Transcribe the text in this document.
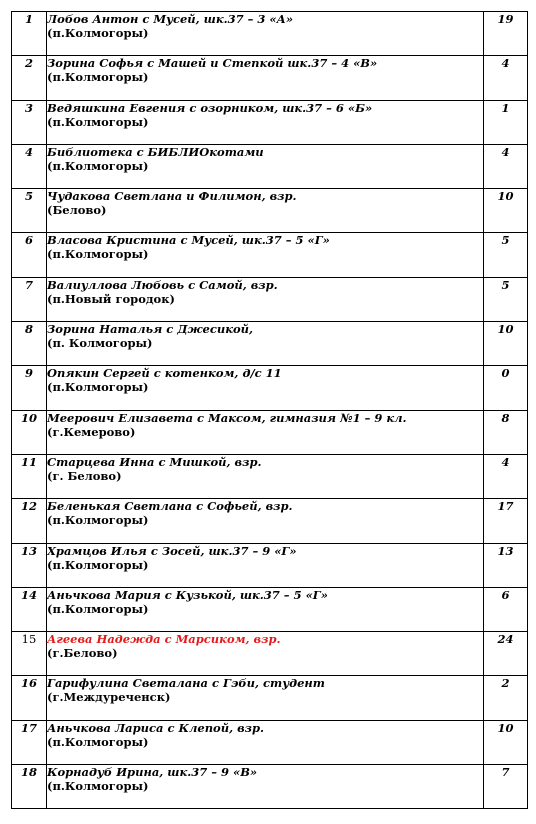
1	Лобов Антон с Мусей, шк.37 – 3 «А»
(п.Колмогоры)	19
2	Зорина Софья с Машей и Степкой шк.37 – 4 «В»
(п.Колмогоры)	4
3	Ведяшкина Евгения с озорником, шк.37 – 6 «Б»
(п.Колмогоры)	1
4	Библиотека с БИБЛИОкотами
(п.Колмогоры)	4
5	Чудакова Светлана и Филимон, взр.
(Белово)	10
6	Власова Кристина с Мусей, шк.37 – 5 «Г»
(п.Колмогоры)	5
7	Валиуллова Любовь с Самой, взр.
(п.Новый городок)	5
8	Зорина Наталья с Джесикой,
(п. Колмогоры)	10
9	Опякин Сергей с котенком, д/с 11
(п.Колмогоры)	0
10	Меерович Елизавета с Максом, гимназия №1 – 9 кл.
(г.Кемерово)	8
11	Старцева Инна с Мишкой, взр.
(г. Белово)	4
12	Беленькая Светлана с Софьей, взр.
(п.Колмогоры)	17
13	Храмцов Илья с Зосей, шк.37 – 9 «Г»
(п.Колмогоры)	13
14	Аньчкова Мария с Кузькой, шк.37 – 5 «Г»
(п.Колмогоры)	6
15	Агеева Надежда с Марсиком, взр.
(г.Белово)	24
16	Гарифулина Светалана с Гэби, студент
(г.Междуреченск)	2
17	Аньчкова Лариса с Клепой, взр.
(п.Колмогоры)	10
18	Корнадуб Ирина, шк.37 – 9 «В»
(п.Колмогоры)	7
